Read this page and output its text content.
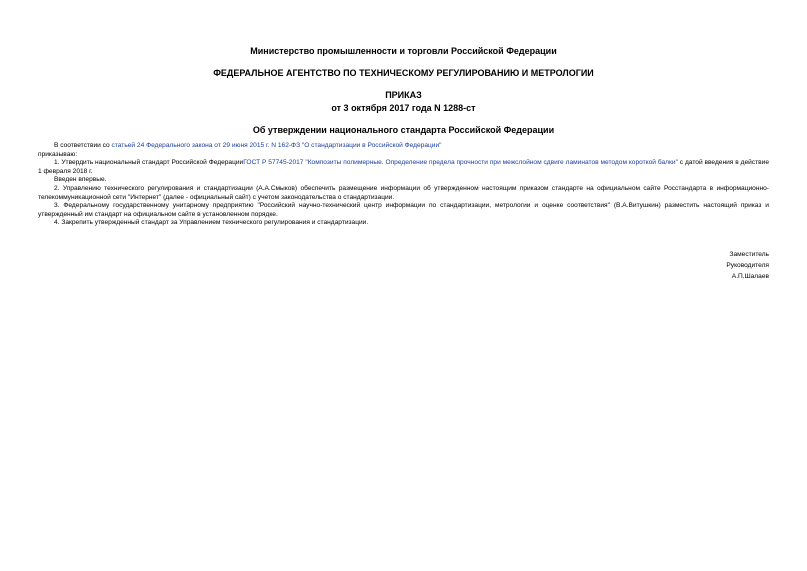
Министерство промышленности и торговли Российской Федерации
ФЕДЕРАЛЬНОЕ АГЕНТСТВО ПО ТЕХНИЧЕСКОМУ РЕГУЛИРОВАНИЮ И МЕТРОЛОГИИ
ПРИКАЗ
от 3 октября 2017 года N 1288-ст
Об утверждении национального стандарта Российской Федерации

В соответствии со статьей 24 Федерального закона от 29 июня 2015 г. N 162-ФЗ "О стандартизации в Российской Федерации"

приказываю:

1. Утвердить национальный стандарт Российской ФедерацииГОСТ Р 57745-2017 "Композиты полимерные. Определение предела прочности при межслойном сдвиге ламинатов методом короткой балки" с датой введения в действие 1 февраля 2018 г.

Введен впервые.

2. Управлению технического регулирования и стандартизации (А.А.Смыков) обеспечить размещение информации об утвержденном настоящим приказом стандарте на официальном сайте Росстандарта в информационно-телекоммуникационной сети "Интернет" (далее - официальный сайт) с учетом законодательства о стандартизации.

3. Федеральному государственному унитарному предприятию "Российский научно-технический центр информации по стандартизации, метрологии и оценке соответствия" (В.А.Витушкин) разместить настоящий приказ и утвержденный им стандарт на официальном сайте в установленном порядке.

4. Закрепить утвержденный стандарт за Управлением технического регулирования и стандартизации.

Заместитель
Руководителя
А.П.Шалаев
